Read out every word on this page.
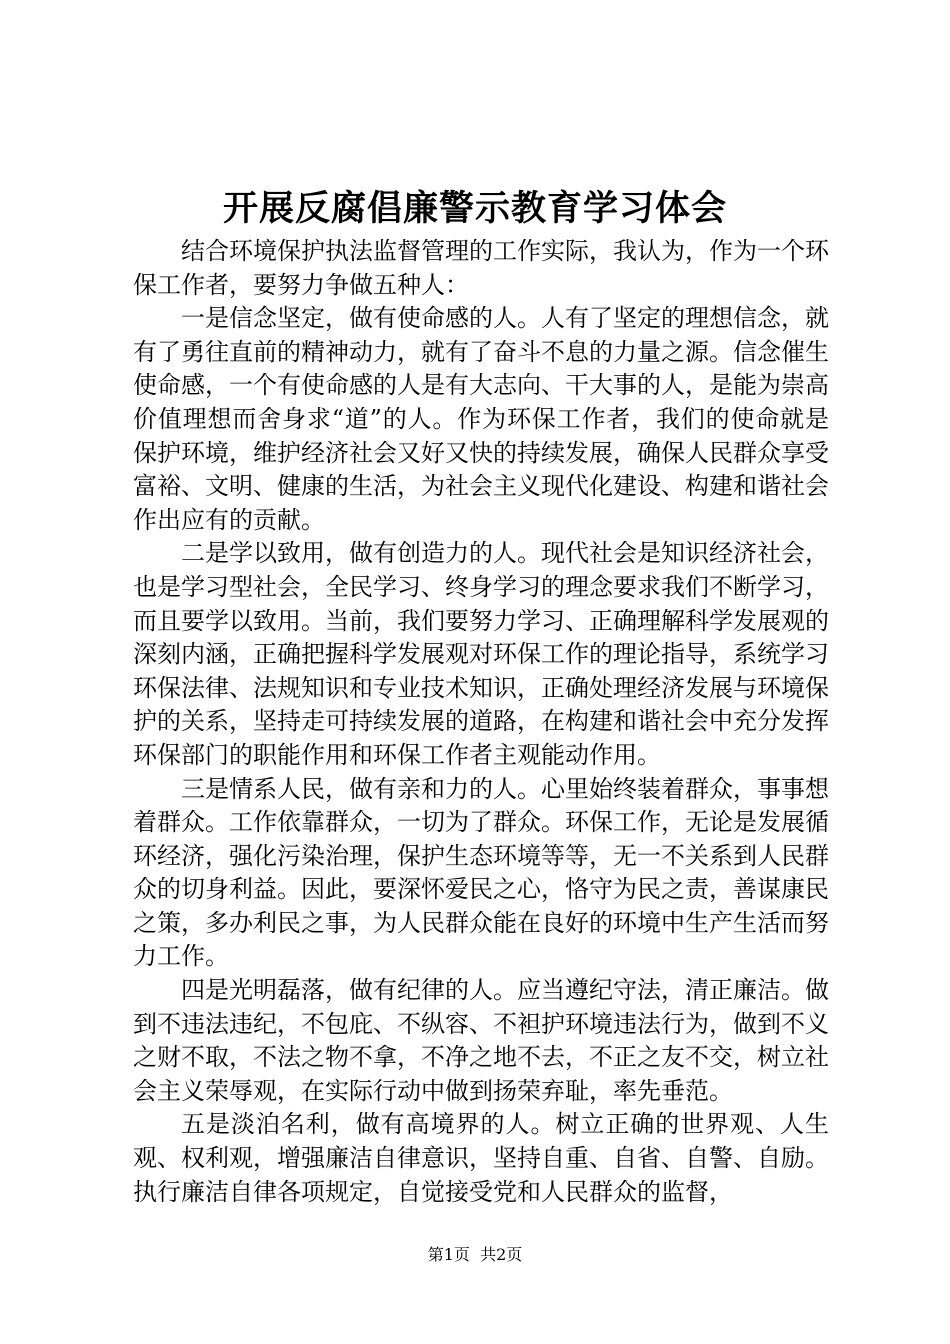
开展反腐倡廉警示教育学习体会

结合环境保护执法监督管理的工作实际，我认为，作为一个环保工作者，要努力争做五种人：

一是信念坚定，做有使命感的人。人有了坚定的理想信念，就有了勇往直前的精神动力，就有了奋斗不息的力量之源。信念催生使命感，一个有使命感的人是有大志向、干大事的人，是能为崇高价值理想而舍身求“道”的人。作为环保工作者，我们的使命就是保护环境，维护经济社会又好又快的持续发展，确保人民群众享受富裕、文明、健康的生活，为社会主义现代化建设、构建和谐社会作出应有的贡献。

二是学以致用，做有创造力的人。现代社会是知识经济社会，也是学习型社会，全民学习、终身学习的理念要求我们不断学习，而且要学以致用。当前，我们要努力学习、正确理解科学发展观的深刻内涵，正确把握科学发展观对环保工作的理论指导，系统学习环保法律、法规知识和专业技术知识，正确处理经济发展与环境保护的关系，坚持走可持续发展的道路，在构建和谐社会中充分发挥环保部门的职能作用和环保工作者主观能动作用。

三是情系人民，做有亲和力的人。心里始终装着群众，事事想着群众。工作依靠群众，一切为了群众。环保工作，无论是发展循环经济，强化污染治理，保护生态环境等等，无一不关系到人民群众的切身利益。因此，要深怀爱民之心，恪守为民之责，善谋康民之策，多办利民之事，为人民群众能在良好的环境中生产生活而努力工作。

四是光明磊落，做有纪律的人。应当遵纪守法，清正廉洁。做到不违法违纪，不包庇、不纵容、不袒护环境违法行为，做到不义之财不取，不法之物不拿，不净之地不去，不正之友不交，树立社会主义荣辱观，在实际行动中做到扬荣弃耻，率先垂范。

五是淡泊名利，做有高境界的人。树立正确的世界观、人生观、权利观，增强廉洁自律意识，坚持自重、自省、自警、自励。执行廉洁自律各项规定，自觉接受党和人民群众的监督，

第1页 共2页
